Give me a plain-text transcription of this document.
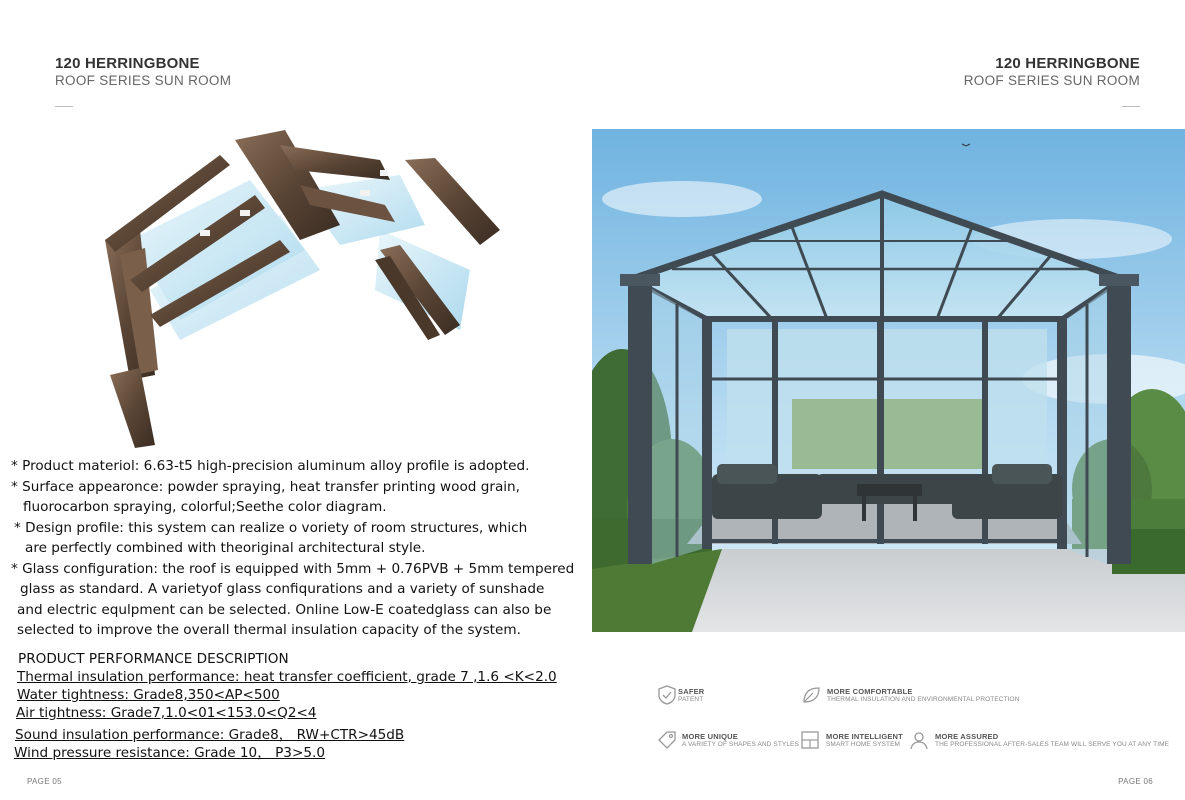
120 HERRINGBONE
ROOF SERIES SUN ROOM
120 HERRINGBONE
ROOF SERIES SUN ROOM
* Product materiol: 6.63-t5 high-precision aluminum alloy profile is adopted.
* Surface appearonce: powder spraying, heat transfer printing wood grain,
fluorocarbon spraying, colorful;Seethe color diagram.
* Design profile: this system can realize o voriety of room structures, which
are perfectly combined with theoriginal architectural style.
* Glass configuration: the roof is equipped with 5mm + 0.76PVB + 5mm tempered
glass as standard. A varietyof glass confiqurations and a variety of sunshade
and electric equlpment can be selected. Online Low-E coatedglass can also be
selected to improve the overall thermal insulation capacity of the system.
PRODUCT PERFORMANCE DESCRIPTION
Thermal insulation performance: heat transfer coefficient, grade 7 ,1.6 <K<2.0
Water tightness: Grade8,350<AP<500
Air tightness: Grade7,1.0<01<153.0<Q2<4
Sound insulation performance: Grade8， RW+CTR>45dB
Wind pressure resistance: Grade 10， P3>5.0
SAFER
PATENT
MORE COMFORTABLE
THERMAL INSULATION AND ENVIRONMENTAL PROTECTION
MORE UNIQUE
A VARIETY OF SHAPES AND STYLES
MORE INTELLIGENT
SMART HOME SYSTEM
MORE ASSURED
THE PROFESSIONAL AFTER-SALES TEAM WILL SERVE YOU AT ANY TIME
PAGE 05	PAGE 06
